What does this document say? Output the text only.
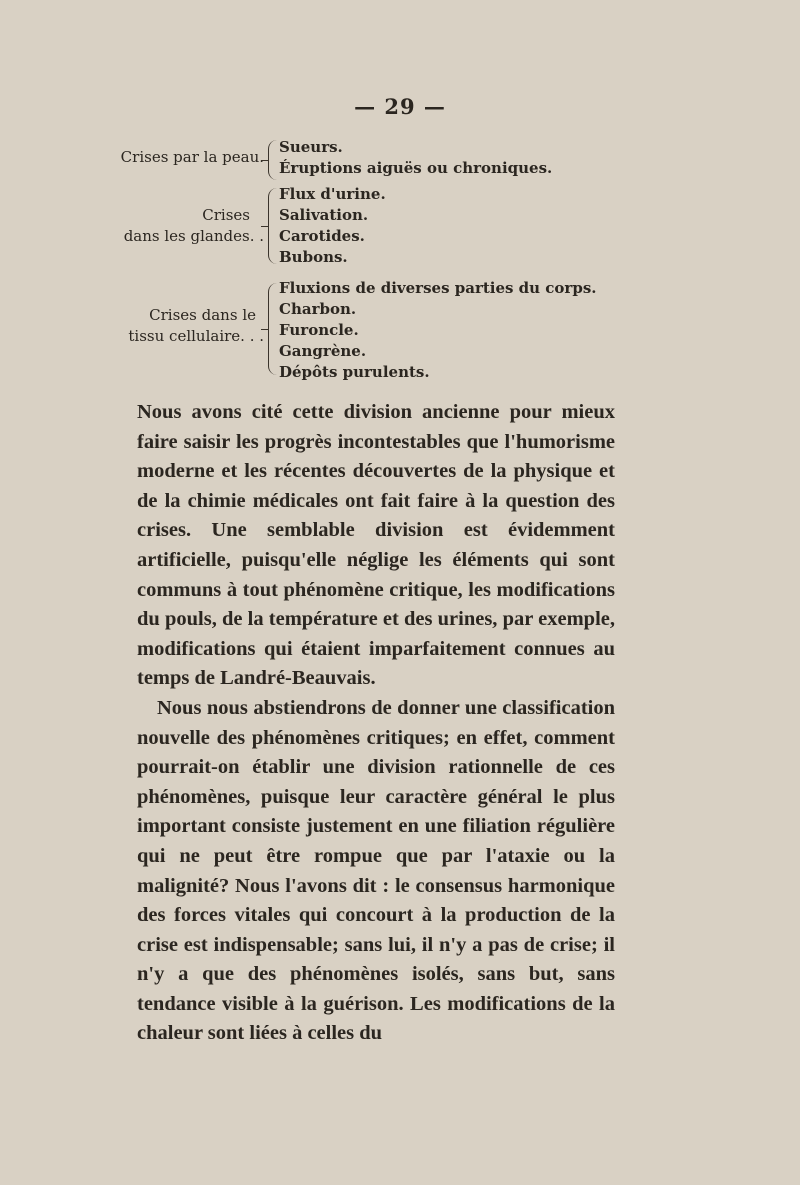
— 29 —
Crises par la peau.
Sueurs.
Éruptions aiguës ou chroniques.
Crises
dans les glandes. .
Flux d'urine.
Salivation.
Carotides.
Bubons.
Crises dans le
tissu cellulaire. . .
Fluxions de diverses parties du corps.
Charbon.
Furoncle.
Gangrène.
Dépôts purulents.

Nous avons cité cette division ancienne pour mieux faire saisir les progrès incontestables que l'humorisme moderne et les récentes découvertes de la physique et de la chimie médicales ont fait faire à la question des crises. Une semblable division est évidemment artificielle, puisqu'elle néglige les éléments qui sont communs à tout phénomène critique, les modifications du pouls, de la température et des urines, par exemple, modifications qui étaient imparfaitement connues au temps de Landré-Beauvais.

Nous nous abstiendrons de donner une classification nouvelle des phénomènes critiques; en effet, comment pourrait-on établir une division rationnelle de ces phénomènes, puisque leur caractère général le plus important consiste justement en une filiation régulière qui ne peut être rompue que par l'ataxie ou la malignité? Nous l'avons dit : le consensus harmonique des forces vitales qui concourt à la production de la crise est indispensable; sans lui, il n'y a pas de crise; il n'y a que des phénomènes isolés, sans but, sans tendance visible à la guérison. Les modifications de la chaleur sont liées à celles du
